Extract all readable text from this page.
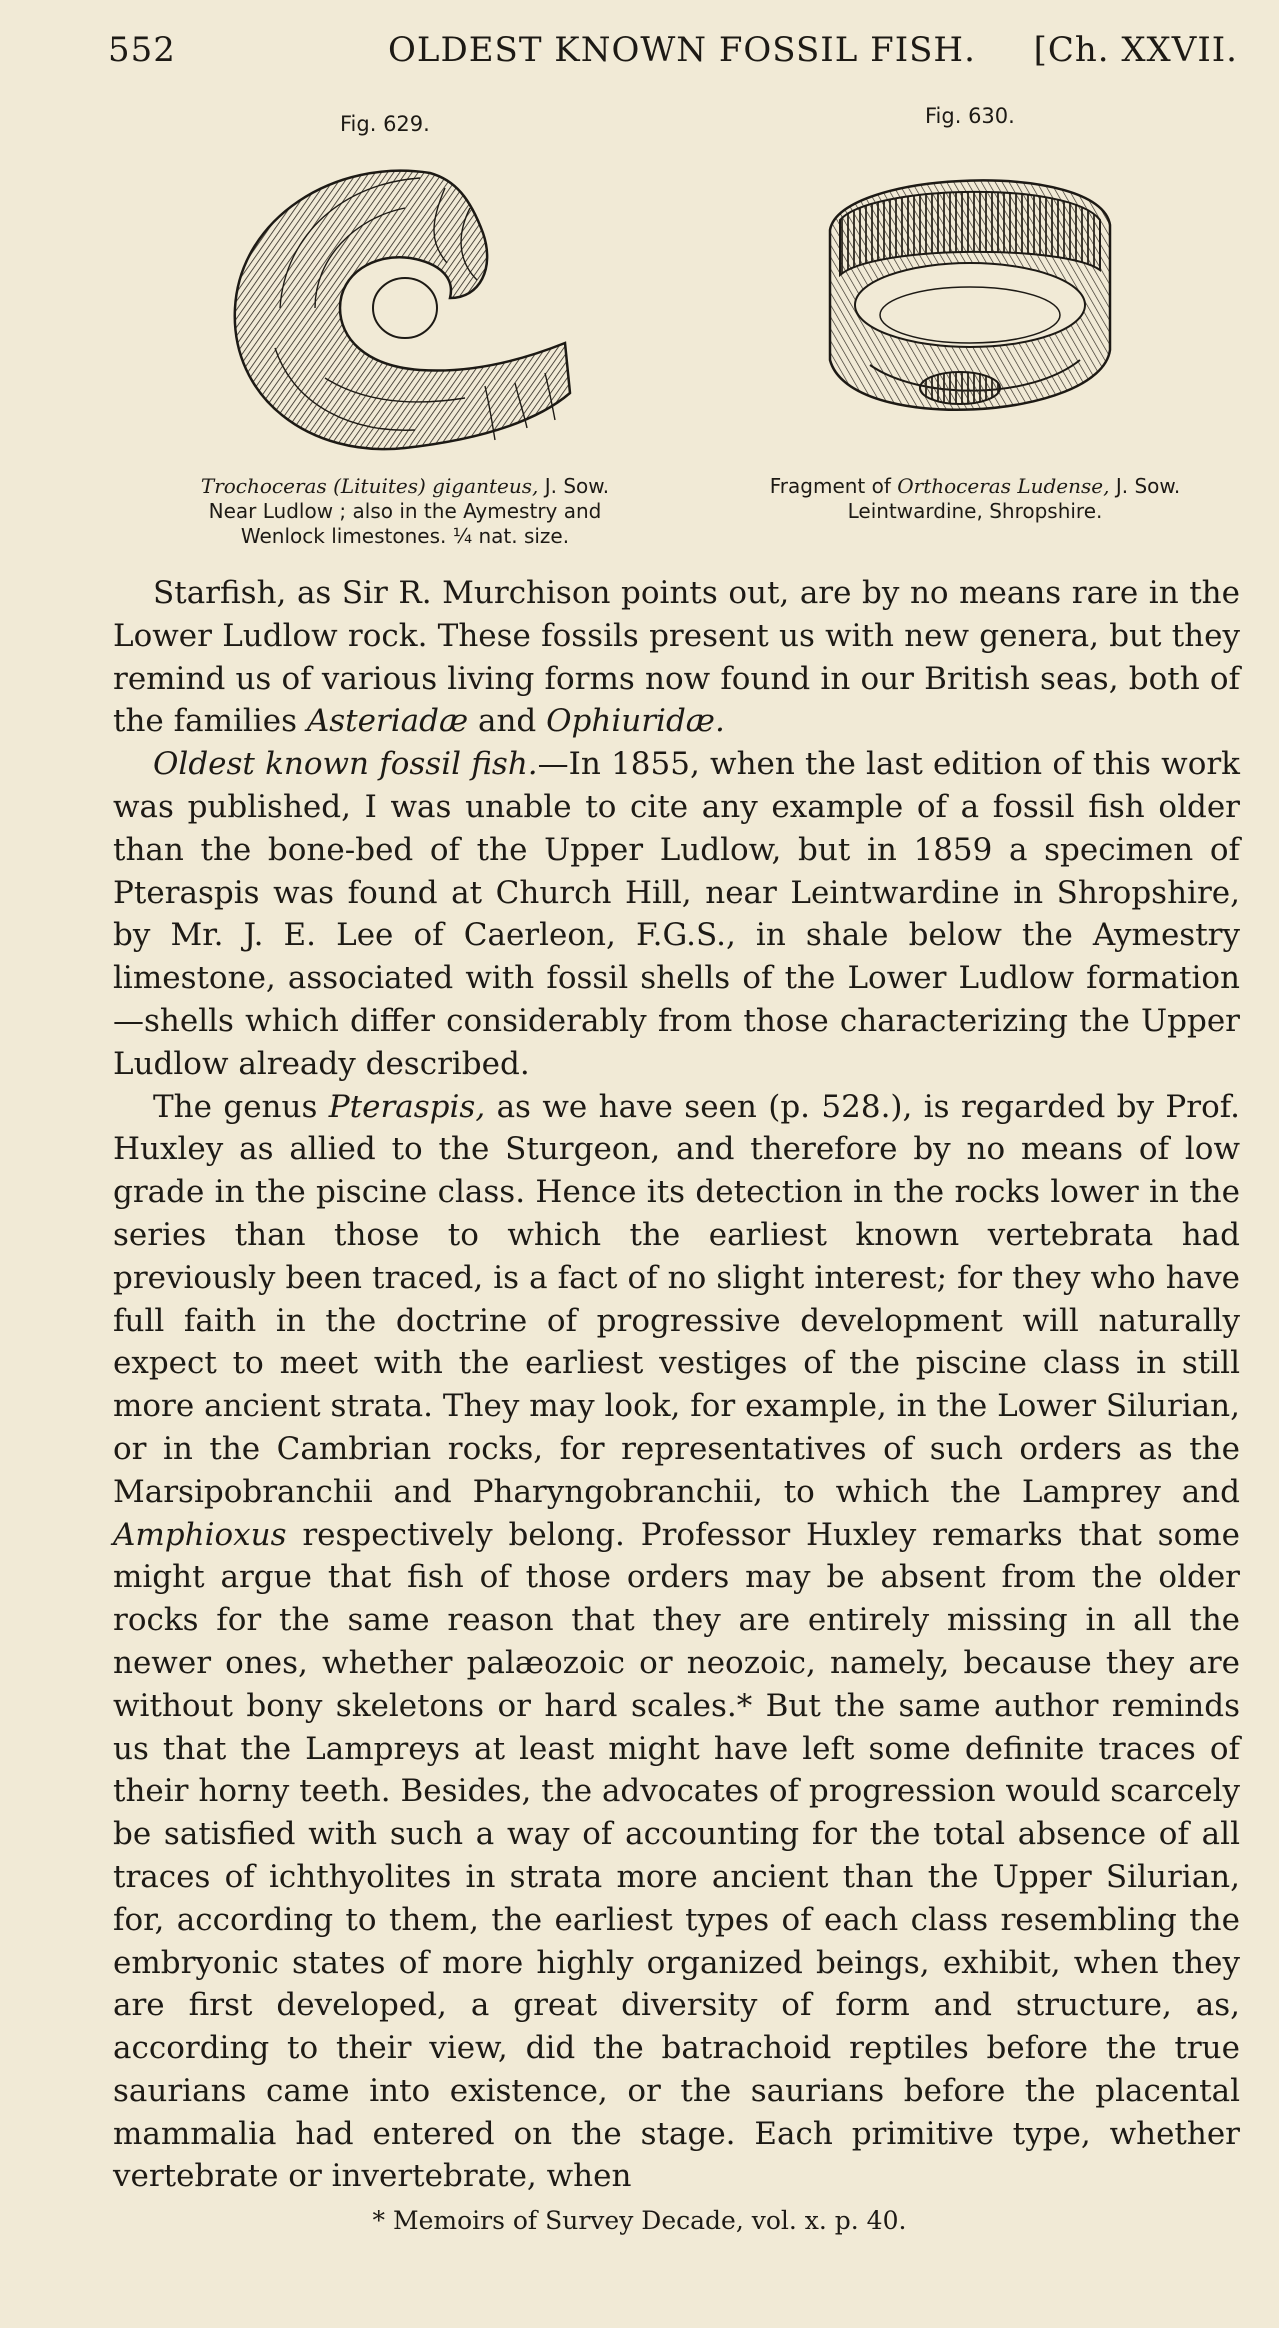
552	OLDEST KNOWN FOSSIL FISH. [Ch. XXVII.
Fig. 629.	Fig. 630.
Trochoceras (Lituites) giganteus, J. Sow.
Near Ludlow ; also in the Aymestry and
Wenlock limestones. ¼ nat. size.
Fragment of Orthoceras Ludense, J. Sow.
Leintwardine, Shropshire.

Starfish, as Sir R. Murchison points out, are by no means rare in the Lower Ludlow rock. These fossils present us with new genera, but they remind us of various living forms now found in our British seas, both of the families Asteriadæ and Ophiuridæ.

Oldest known fossil fish.—In 1855, when the last edition of this work was published, I was unable to cite any example of a fossil fish older than the bone-bed of the Upper Ludlow, but in 1859 a specimen of Pteraspis was found at Church Hill, near Leintwardine in Shropshire, by Mr. J. E. Lee of Caerleon, F.G.S., in shale below the Aymestry limestone, associated with fossil shells of the Lower Ludlow formation—shells which differ considerably from those characterizing the Upper Ludlow already described.

The genus Pteraspis, as we have seen (p. 528.), is regarded by Prof. Huxley as allied to the Sturgeon, and therefore by no means of low grade in the piscine class. Hence its detection in the rocks lower in the series than those to which the earliest known vertebrata had previously been traced, is a fact of no slight interest; for they who have full faith in the doctrine of progressive development will naturally expect to meet with the earliest vestiges of the piscine class in still more ancient strata. They may look, for example, in the Lower Silurian, or in the Cambrian rocks, for representatives of such orders as the Marsipobranchii and Pharyngobranchii, to which the Lamprey and Amphioxus respectively belong. Professor Huxley remarks that some might argue that fish of those orders may be absent from the older rocks for the same reason that they are entirely missing in all the newer ones, whether palæozoic or neozoic, namely, because they are without bony skeletons or hard scales.* But the same author reminds us that the Lampreys at least might have left some definite traces of their horny teeth. Besides, the advocates of progression would scarcely be satisfied with such a way of accounting for the total absence of all traces of ichthyolites in strata more ancient than the Upper Silurian, for, according to them, the earliest types of each class resembling the embryonic states of more highly organized beings, exhibit, when they are first developed, a great diversity of form and structure, as, according to their view, did the batrachoid reptiles before the true saurians came into existence, or the saurians before the placental mammalia had entered on the stage. Each primitive type, whether vertebrate or invertebrate, when

* Memoirs of Survey Decade, vol. x. p. 40.
